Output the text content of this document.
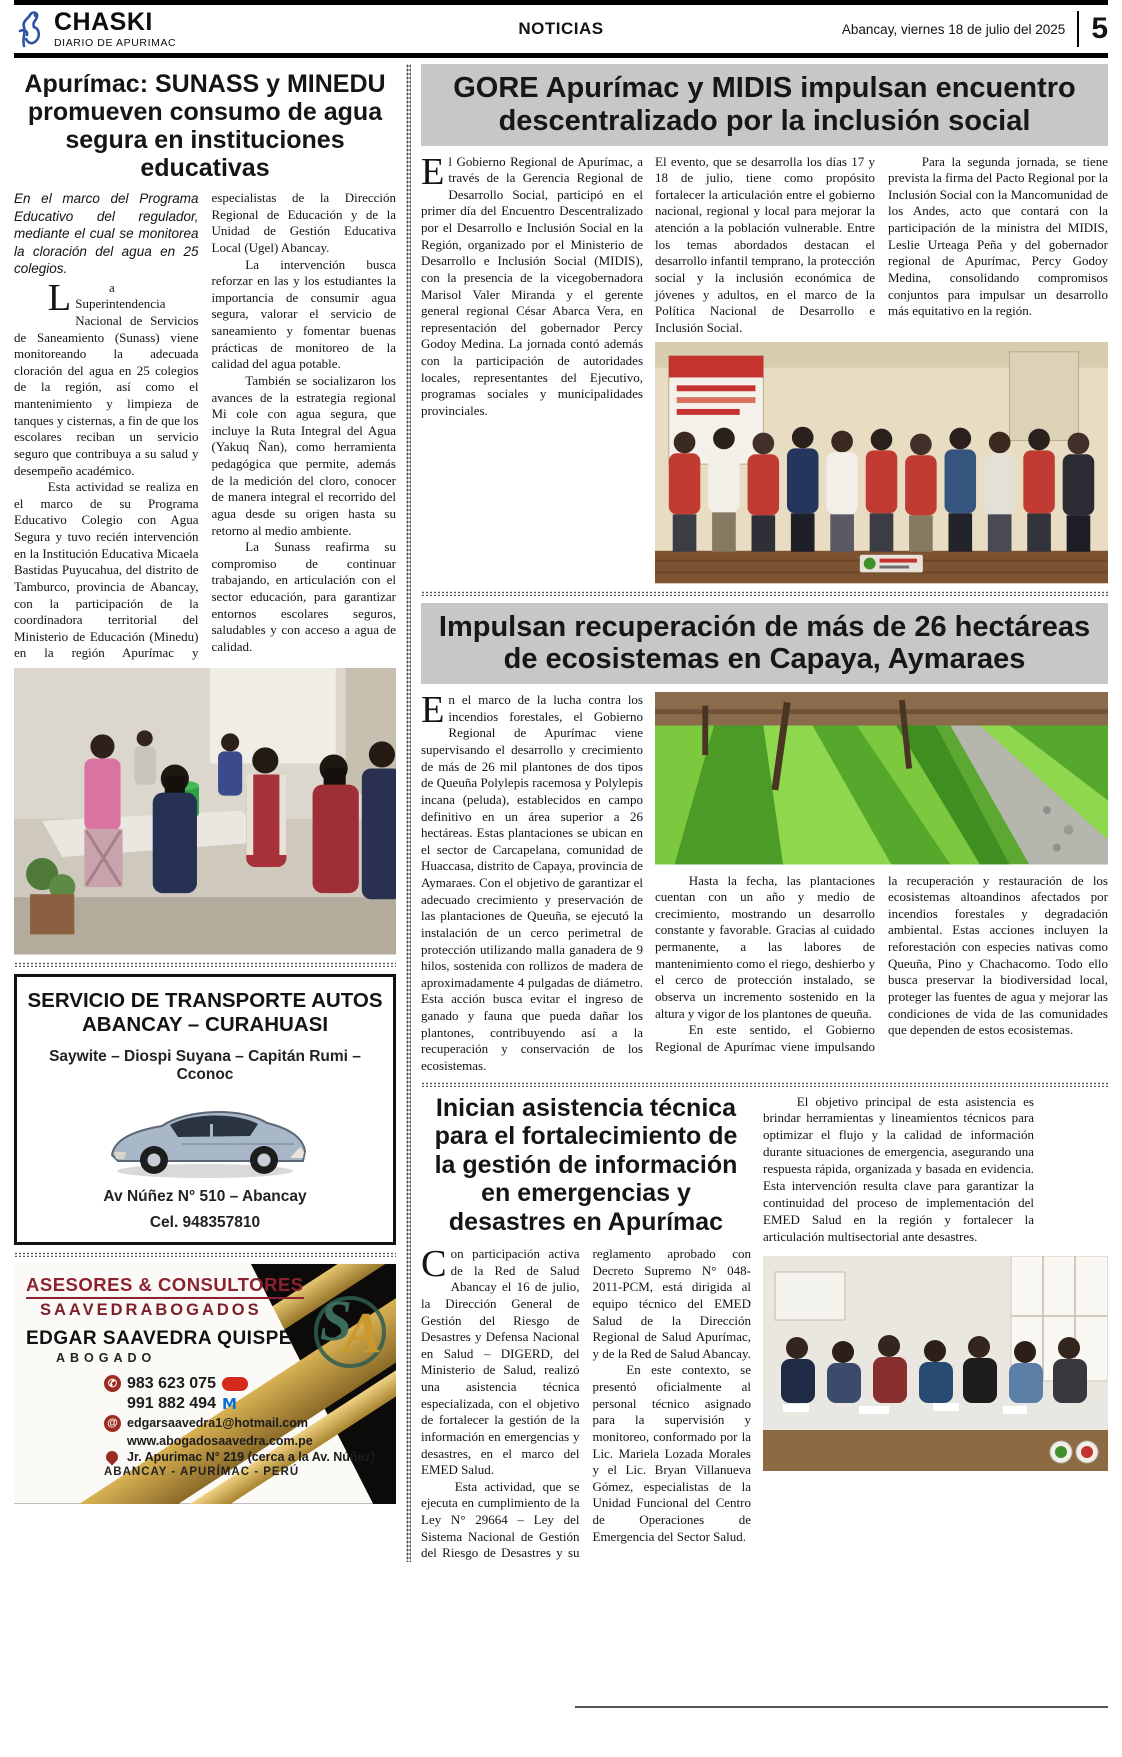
CHASKI
DIARIO DE APURIMAC
NOTICIAS	Abancay, viernes 18 de julio del 2025 5
Apurímac: SUNASS y MINEDU promueven consumo de agua segura en instituciones educativas

En el marco del Programa Educativo del regulador, mediante el cual se monitorea la cloración del agua en 25 colegios.

La Superintendencia Nacional de Servicios de Saneamiento (Sunass) viene monitoreando la adecuada cloración del agua en 25 colegios de la región, así como el mantenimiento y limpieza de tanques y cisternas, a fin de que los escolares reciban un servicio seguro que contribuya a su salud y desempeño académico.

Esta actividad se realiza en el marco de su Programa Educativo Colegio con Agua Segura y tuvo recién intervención en la Institución Educativa Micaela Bastidas Puyucahua, del distrito de Tamburco, provincia de Abancay, con la participación de la coordinadora territorial del Ministerio de Educación (Minedu) en la región Apurímac y especialistas de la Dirección Regional de Educación y de la Unidad de Gestión Educativa Local (Ugel) Abancay.

La intervención busca reforzar en las y los estudiantes la importancia de consumir agua segura, valorar el servicio de saneamiento y fomentar buenas prácticas de monitoreo de la calidad del agua potable.

También se socializaron los avances de la estrategia regional Mi cole con agua segura, que incluye la Ruta Integral del Agua (Yakuq Ñan), como herramienta pedagógica que permite, además de la medición del cloro, conocer de manera integral el recorrido del agua desde su origen hasta su retorno al medio ambiente.

La Sunass reafirma su compromiso de continuar trabajando, en articulación con el sector educación, para garantizar entornos escolares seguros, saludables y con acceso a agua de calidad.

SERVICIO DE TRANSPORTE AUTOS
ABANCAY – CURAHUASI
Saywite – Diospi Suyana – Capitán Rumi – Cconoc
Av Núñez N° 510 – Abancay
Cel. 948357810
S
A
ASESORES & CONSULTORES
SAAVEDRABOGADOS
EDGAR SAAVEDRA QUISPE
ABOGADO
✆ 983 623 075
991 882 494 M
@ edgarsaavedra1@hotmail.com
www.abogadosaavedra.com.pe
Jr. Apurimac N° 219 (cerca a la Av. Núñez)
ABANCAY - APURÍMAC - PERÚ
GORE Apurímac y MIDIS impulsan encuentro descentralizado por la inclusión social

El Gobierno Regional de Apurímac, a través de la Gerencia Regional de Desarrollo Social, participó en el primer día del Encuentro Descentralizado por el Desarrollo e Inclusión Social en la Región, organizado por el Ministerio de Desarrollo e Inclusión Social (MIDIS), con la presencia de la vicegobernadora Marisol Valer Miranda y el gerente general regional César Abarca Vera, en representación del gobernador Percy Godoy Medina. La jornada contó además con la participación de autoridades locales, representantes del Ejecutivo, programas sociales y municipalidades provinciales.

El evento, que se desarrolla los días 17 y 18 de julio, tiene como propósito fortalecer la articulación entre el gobierno nacional, regional y local para mejorar la atención a la población vulnerable. Entre los temas abordados destacan el desarrollo infantil temprano, la protección social y la inclusión económica de jóvenes y adultos, en el marco de la Política Nacional de Desarrollo e Inclusión Social.

Para la segunda jornada, se tiene prevista la firma del Pacto Regional por la Inclusión Social con la Mancomunidad de los Andes, acto que contará con la participación de la ministra del MIDIS, Leslie Urteaga Peña y del gobernador regional de Apurímac, Percy Godoy Medina, consolidando compromisos conjuntos para impulsar un desarrollo más equitativo en la región.

Impulsan recuperación de más de 26 hectáreas de ecosistemas en Capaya, Aymaraes

En el marco de la lucha contra los incendios forestales, el Gobierno Regional de Apurímac viene supervisando el desarrollo y crecimiento de más de 26 mil plantones de dos tipos de Queuña Polylepis racemosa y Polylepis incana (peluda), establecidos en campo definitivo en un área superior a 26 hectáreas. Estas plantaciones se ubican en el sector de Carcapelana, comunidad de Huaccasa, distrito de Capaya, provincia de Aymaraes. Con el objetivo de garantizar el adecuado crecimiento y preservación de las plantaciones de Queuña, se ejecutó la instalación de un cerco perimetral de protección utilizando malla ganadera de 9 hilos, sostenida con rollizos de madera de aproximadamente 4 pulgadas de diámetro. Esta acción busca evitar el ingreso de ganado y fauna que pueda dañar los plantones, contribuyendo así a la recuperación y conservación de los ecosistemas.

Hasta la fecha, las plantaciones cuentan con un año y medio de crecimiento, mostrando un desarrollo constante y favorable. Gracias al cuidado permanente, a las labores de mantenimiento como el riego, deshierbo y el cerco de protección instalado, se observa un incremento sostenido en la altura y vigor de los plantones de queuña.

En este sentido, el Gobierno Regional de Apurímac viene impulsando la recuperación y restauración de los ecosistemas altoandinos afectados por incendios forestales y degradación ambiental. Estas acciones incluyen la reforestación con especies nativas como Queuña, Pino y Chachacomo. Todo ello busca preservar la biodiversidad local, proteger las fuentes de agua y mejorar las condiciones de vida de las comunidades que dependen de estos ecosistemas.

Inician asistencia técnica para el fortalecimiento de la gestión de información en emergencias y desastres en Apurímac

Con participación activa de la Red de Salud Abancay el 16 de julio, la Dirección General de Gestión del Riesgo de Desastres y Defensa Nacional en Salud – DIGERD, del Ministerio de Salud, realizó una asistencia técnica especializada, con el objetivo de fortalecer la gestión de la información en emergencias y desastres, en el marco del EMED Salud.

Esta actividad, que se ejecuta en cumplimiento de la Ley N° 29664 – Ley del Sistema Nacional de Gestión del Riesgo de Desastres y su reglamento aprobado con Decreto Supremo N° 048-2011-PCM, está dirigida al equipo técnico del EMED Salud de la Dirección Regional de Salud Apurímac, y de la Red de Salud Abancay.

En este contexto, se presentó oficialmente al personal técnico asignado para la supervisión y monitoreo, conformado por la Lic. Mariela Lozada Morales y el Lic. Bryan Villanueva Gómez, especialistas de la Unidad Funcional del Centro de Operaciones de Emergencia del Sector Salud.

El objetivo principal de esta asistencia es brindar herramientas y lineamientos técnicos para optimizar el flujo y la calidad de información durante situaciones de emergencia, asegurando una respuesta rápida, organizada y basada en evidencia. Esta intervención resulta clave para garantizar la continuidad del proceso de implementación del EMED Salud en la región y fortalecer la articulación multisectorial ante desastres.
